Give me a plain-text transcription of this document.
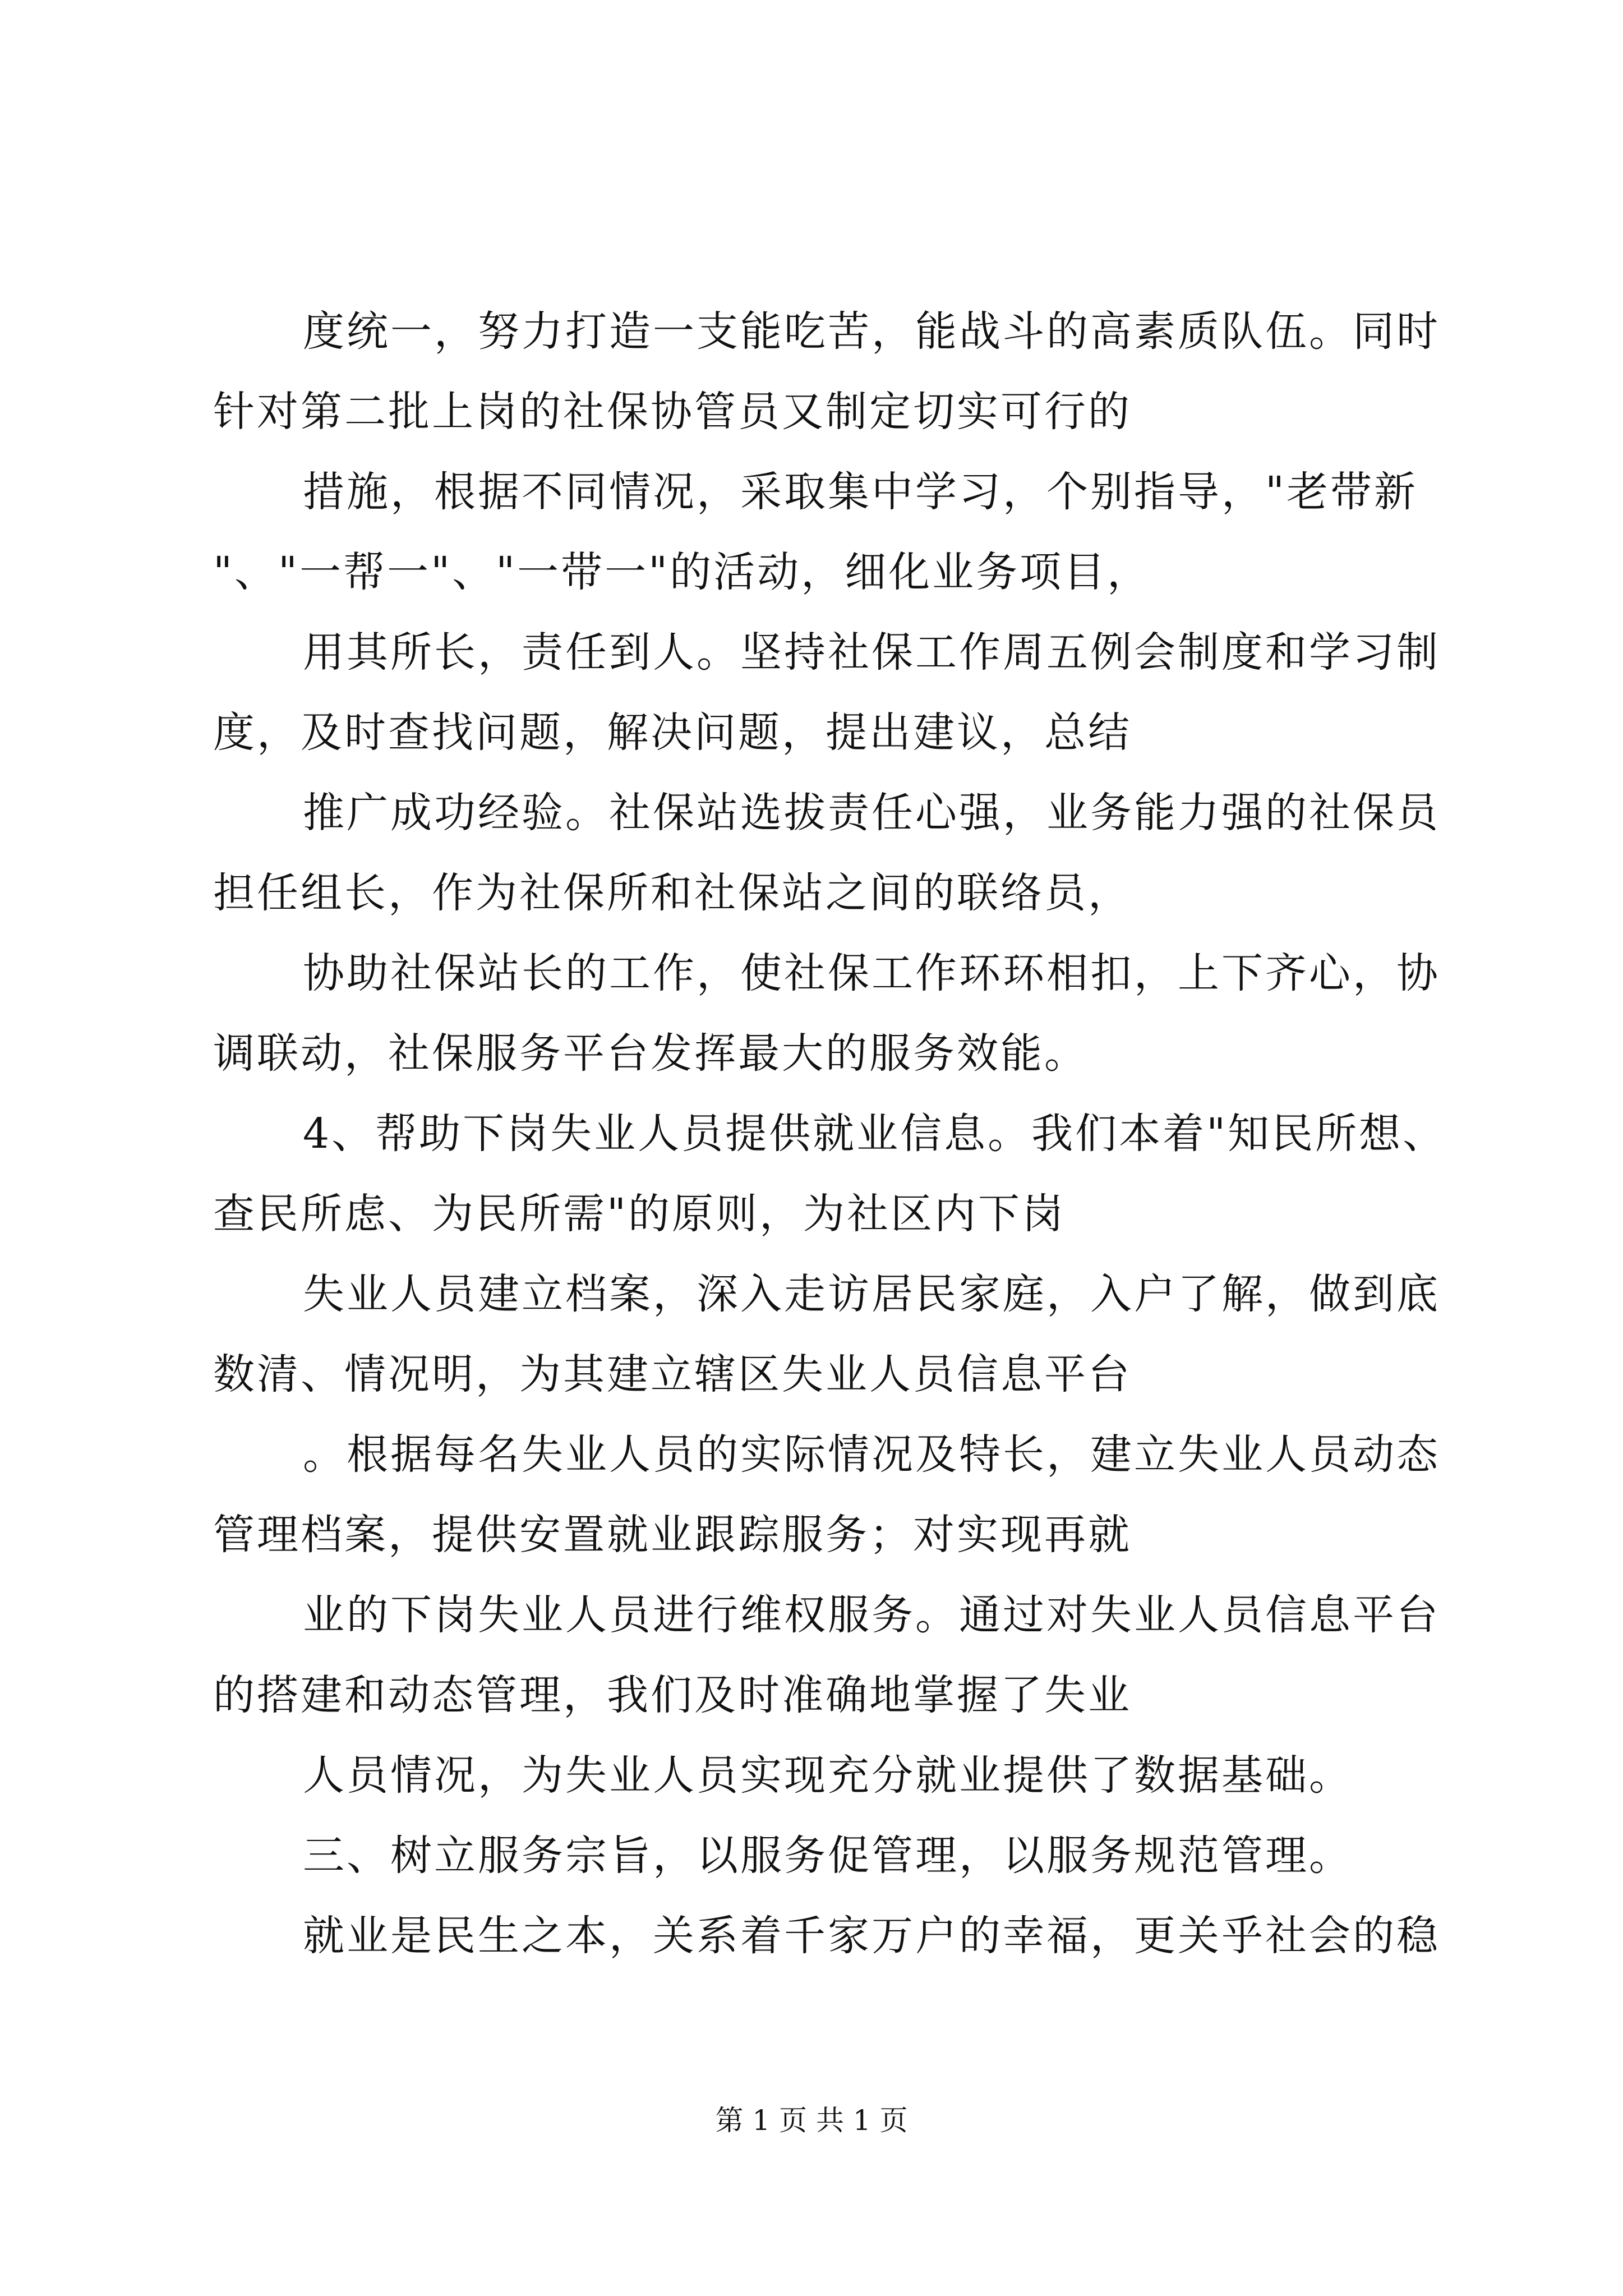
度统一，努力打造一支能吃苦，能战斗的高素质队伍。同时
针对第二批上岗的社保协管员又制定切实可行的

措施，根据不同情况，采取集中学习，个别指导，"老带新
"、"一帮一"、"一带一"的活动，细化业务项目，

用其所长，责任到人。坚持社保工作周五例会制度和学习制
度，及时查找问题，解决问题，提出建议，总结

推广成功经验。社保站选拔责任心强，业务能力强的社保员
担任组长，作为社保所和社保站之间的联络员，

协助社保站长的工作，使社保工作环环相扣，上下齐心，协
调联动，社保服务平台发挥最大的服务效能。

4、帮助下岗失业人员提供就业信息。我们本着"知民所想、
查民所虑、为民所需"的原则，为社区内下岗

失业人员建立档案，深入走访居民家庭，入户了解，做到底
数清、情况明，为其建立辖区失业人员信息平台

。根据每名失业人员的实际情况及特长，建立失业人员动态
管理档案，提供安置就业跟踪服务；对实现再就

业的下岗失业人员进行维权服务。通过对失业人员信息平台
的搭建和动态管理，我们及时准确地掌握了失业

人员情况，为失业人员实现充分就业提供了数据基础。

三、树立服务宗旨，以服务促管理，以服务规范管理。

就业是民生之本，关系着千家万户的幸福，更关乎社会的稳

第 1 页 共 1 页
